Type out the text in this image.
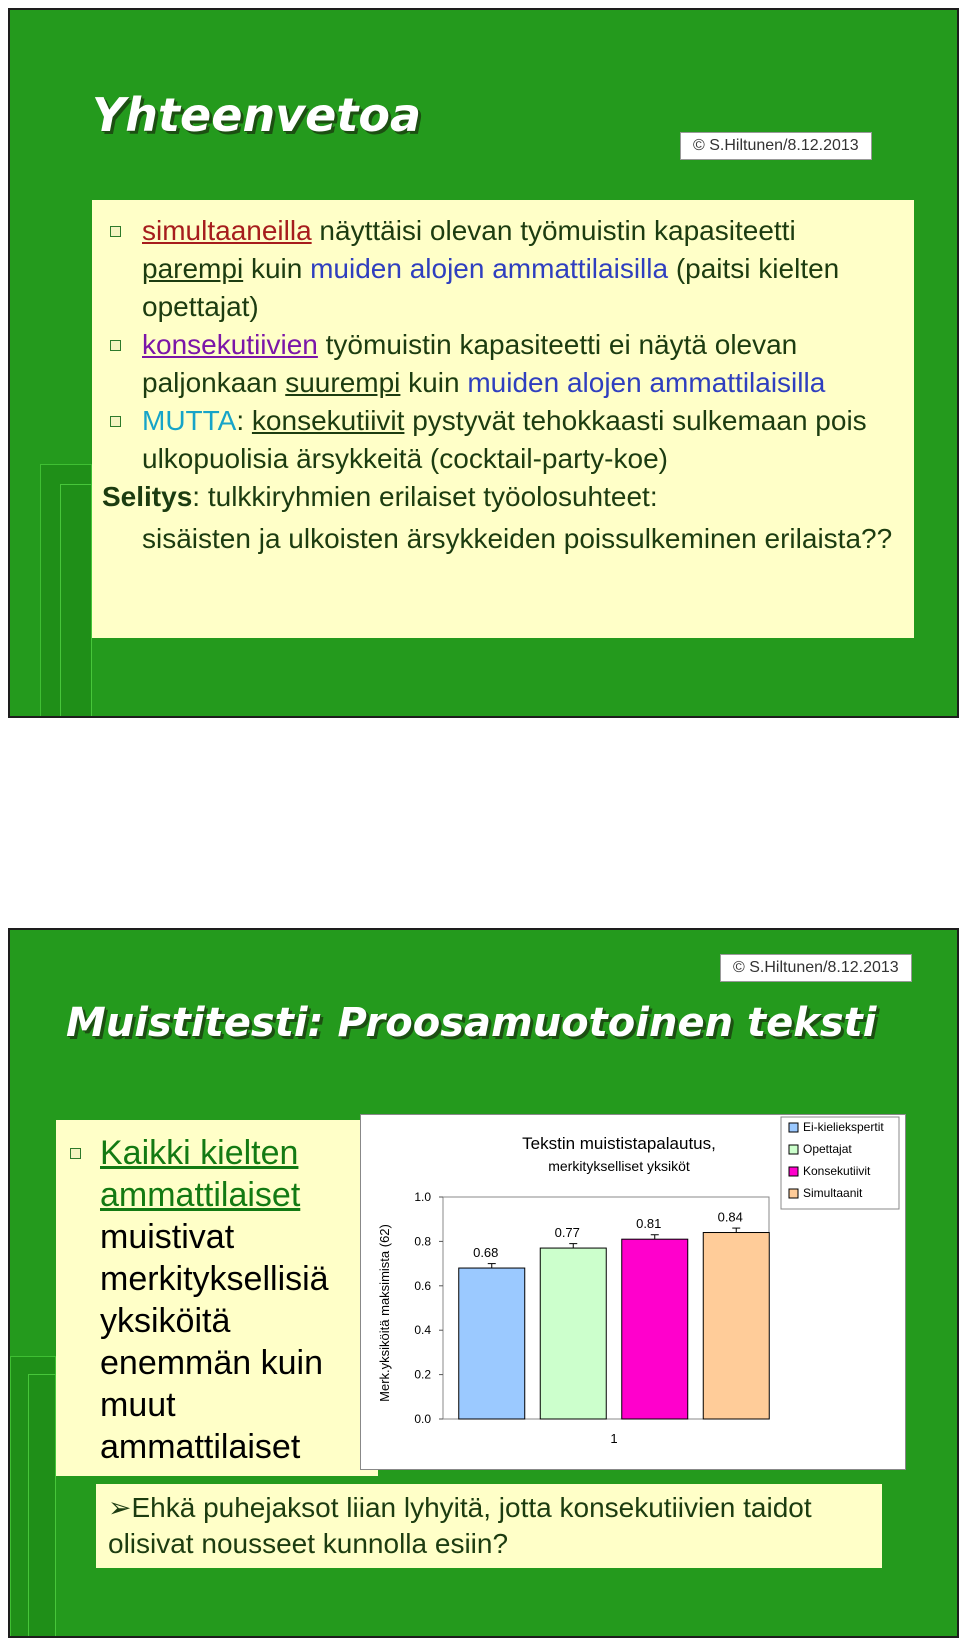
Yhteenvetoa
© S.Hiltunen/8.12.2013
simultaaneilla näyttäisi olevan työmuistin kapasiteetti parempi kuin muiden alojen ammattilaisilla (paitsi kielten opettajat)
konsekutiivien työmuistin kapasiteetti ei näytä olevan paljonkaan suurempi kuin muiden alojen ammattilaisilla
MUTTA: konsekutiivit pystyvät tehokkaasti sulkemaan pois ulkopuolisia ärsykkeitä (cocktail-party-koe)
Selitys: tulkkiryhmien erilaiset työolosuhteet:
sisäisten ja ulkoisten ärsykkeiden poissulkeminen erilaista??
© S.Hiltunen/8.12.2013
Muistitesti: Proosamuotoinen teksti
Kaikki kielten ammattilaiset muistivat merkityksellisiä yksiköitä enemmän kuin muut ammattilaiset
Tekstin muististapalautus,
merkitykselliset yksiköt
Merk.yksiköitä maksimista (62)
0.0
0.2
0.4
0.6
0.8
1.0
0.68
0.77
0.81	0.84
1
Ei-kieliekspertit
Opettajat
Konsekutiivit
Simultaanit
➢Ehkä puhejaksot liian lyhyitä, jotta konsekutiivien taidot
olisivat nousseet kunnolla esiin?
